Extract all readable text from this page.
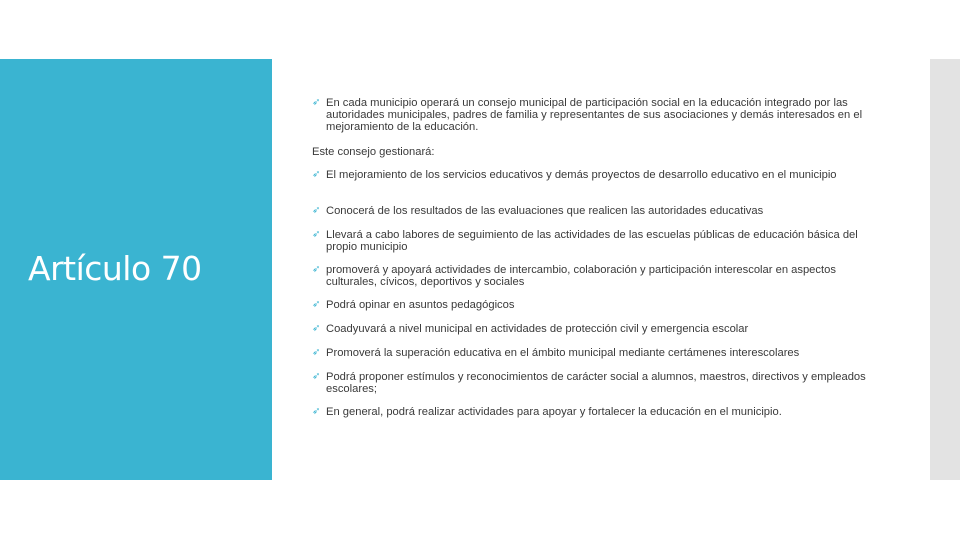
Artículo 70
➶ En cada municipio operará un consejo municipal de participación social en la educación integrado por las autoridades municipales, padres de familia y representantes de sus asociaciones y demás interesados en el mejoramiento de la educación.
Este consejo gestionará:
➶ El mejoramiento de los servicios educativos y demás proyectos de desarrollo educativo en el municipio
➶ Conocerá de los resultados de las evaluaciones que realicen las autoridades educativas
➶ Llevará a cabo labores de seguimiento de las actividades de las escuelas públicas de educación básica del propio municipio
➶ promoverá y apoyará actividades de intercambio, colaboración y participación interescolar en aspectos culturales, cívicos, deportivos y sociales
➶ Podrá opinar en asuntos pedagógicos
➶ Coadyuvará a nivel municipal en actividades de protección civil y emergencia escolar
➶ Promoverá la superación educativa en el ámbito municipal mediante certámenes interescolares
➶ Podrá proponer estímulos y reconocimientos de carácter social a alumnos, maestros, directivos y empleados escolares;
➶ En general, podrá realizar actividades para apoyar y fortalecer la educación en el municipio.
